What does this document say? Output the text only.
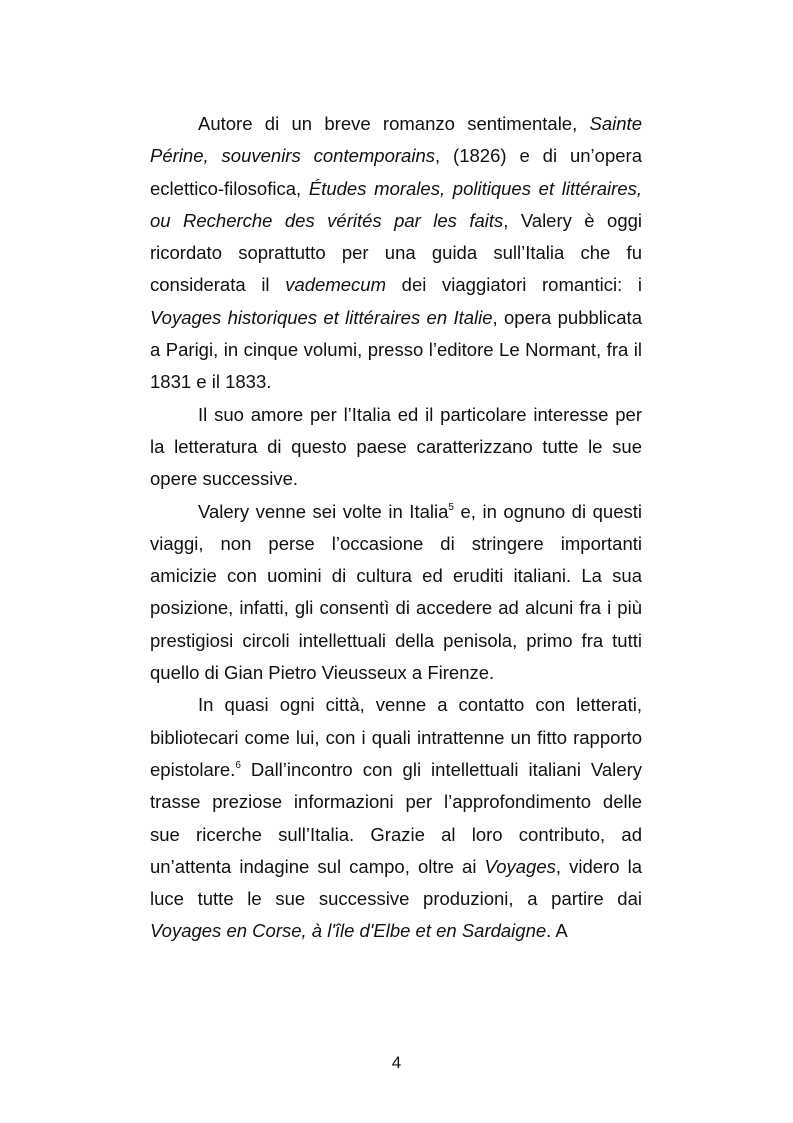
Autore di un breve romanzo sentimentale, Sainte Périne, souvenirs contemporains, (1826) e di un’opera eclettico-filosofica, Études morales, politiques et littéraires, ou Recherche des vérités par les faits, Valery è oggi ricordato soprattutto per una guida sull’Italia che fu considerata il vademecum dei viaggiatori romantici: i Voyages historiques et littéraires en Italie, opera pubblicata a Parigi, in cinque volumi, presso l’editore Le Normant, fra il 1831 e il 1833.

Il suo amore per l’Italia ed il particolare interesse per la letteratura di questo paese caratterizzano tutte le sue opere successive.

Valery venne sei volte in Italia$^5$ e, in ognuno di questi viaggi, non perse l’occasione di stringere importanti amicizie con uomini di cultura ed eruditi italiani. La sua posizione, infatti, gli consentì di accedere ad alcuni fra i più prestigiosi circoli intellettuali della penisola, primo fra tutti quello di Gian Pietro Vieusseux a Firenze.

In quasi ogni città, venne a contatto con letterati, bibliotecari come lui, con i quali intrattenne un fitto rapporto epistolare.$^6$ Dall’incontro con gli intellettuali italiani Valery trasse preziose informazioni per l’approfondimento delle sue ricerche sull’Italia. Grazie al loro contributo, ad un’attenta indagine sul campo, oltre ai Voyages, videro la luce tutte le sue successive produzioni, a partire dai Voyages en Corse, à l'île d'Elbe et en Sardaigne. A

4
